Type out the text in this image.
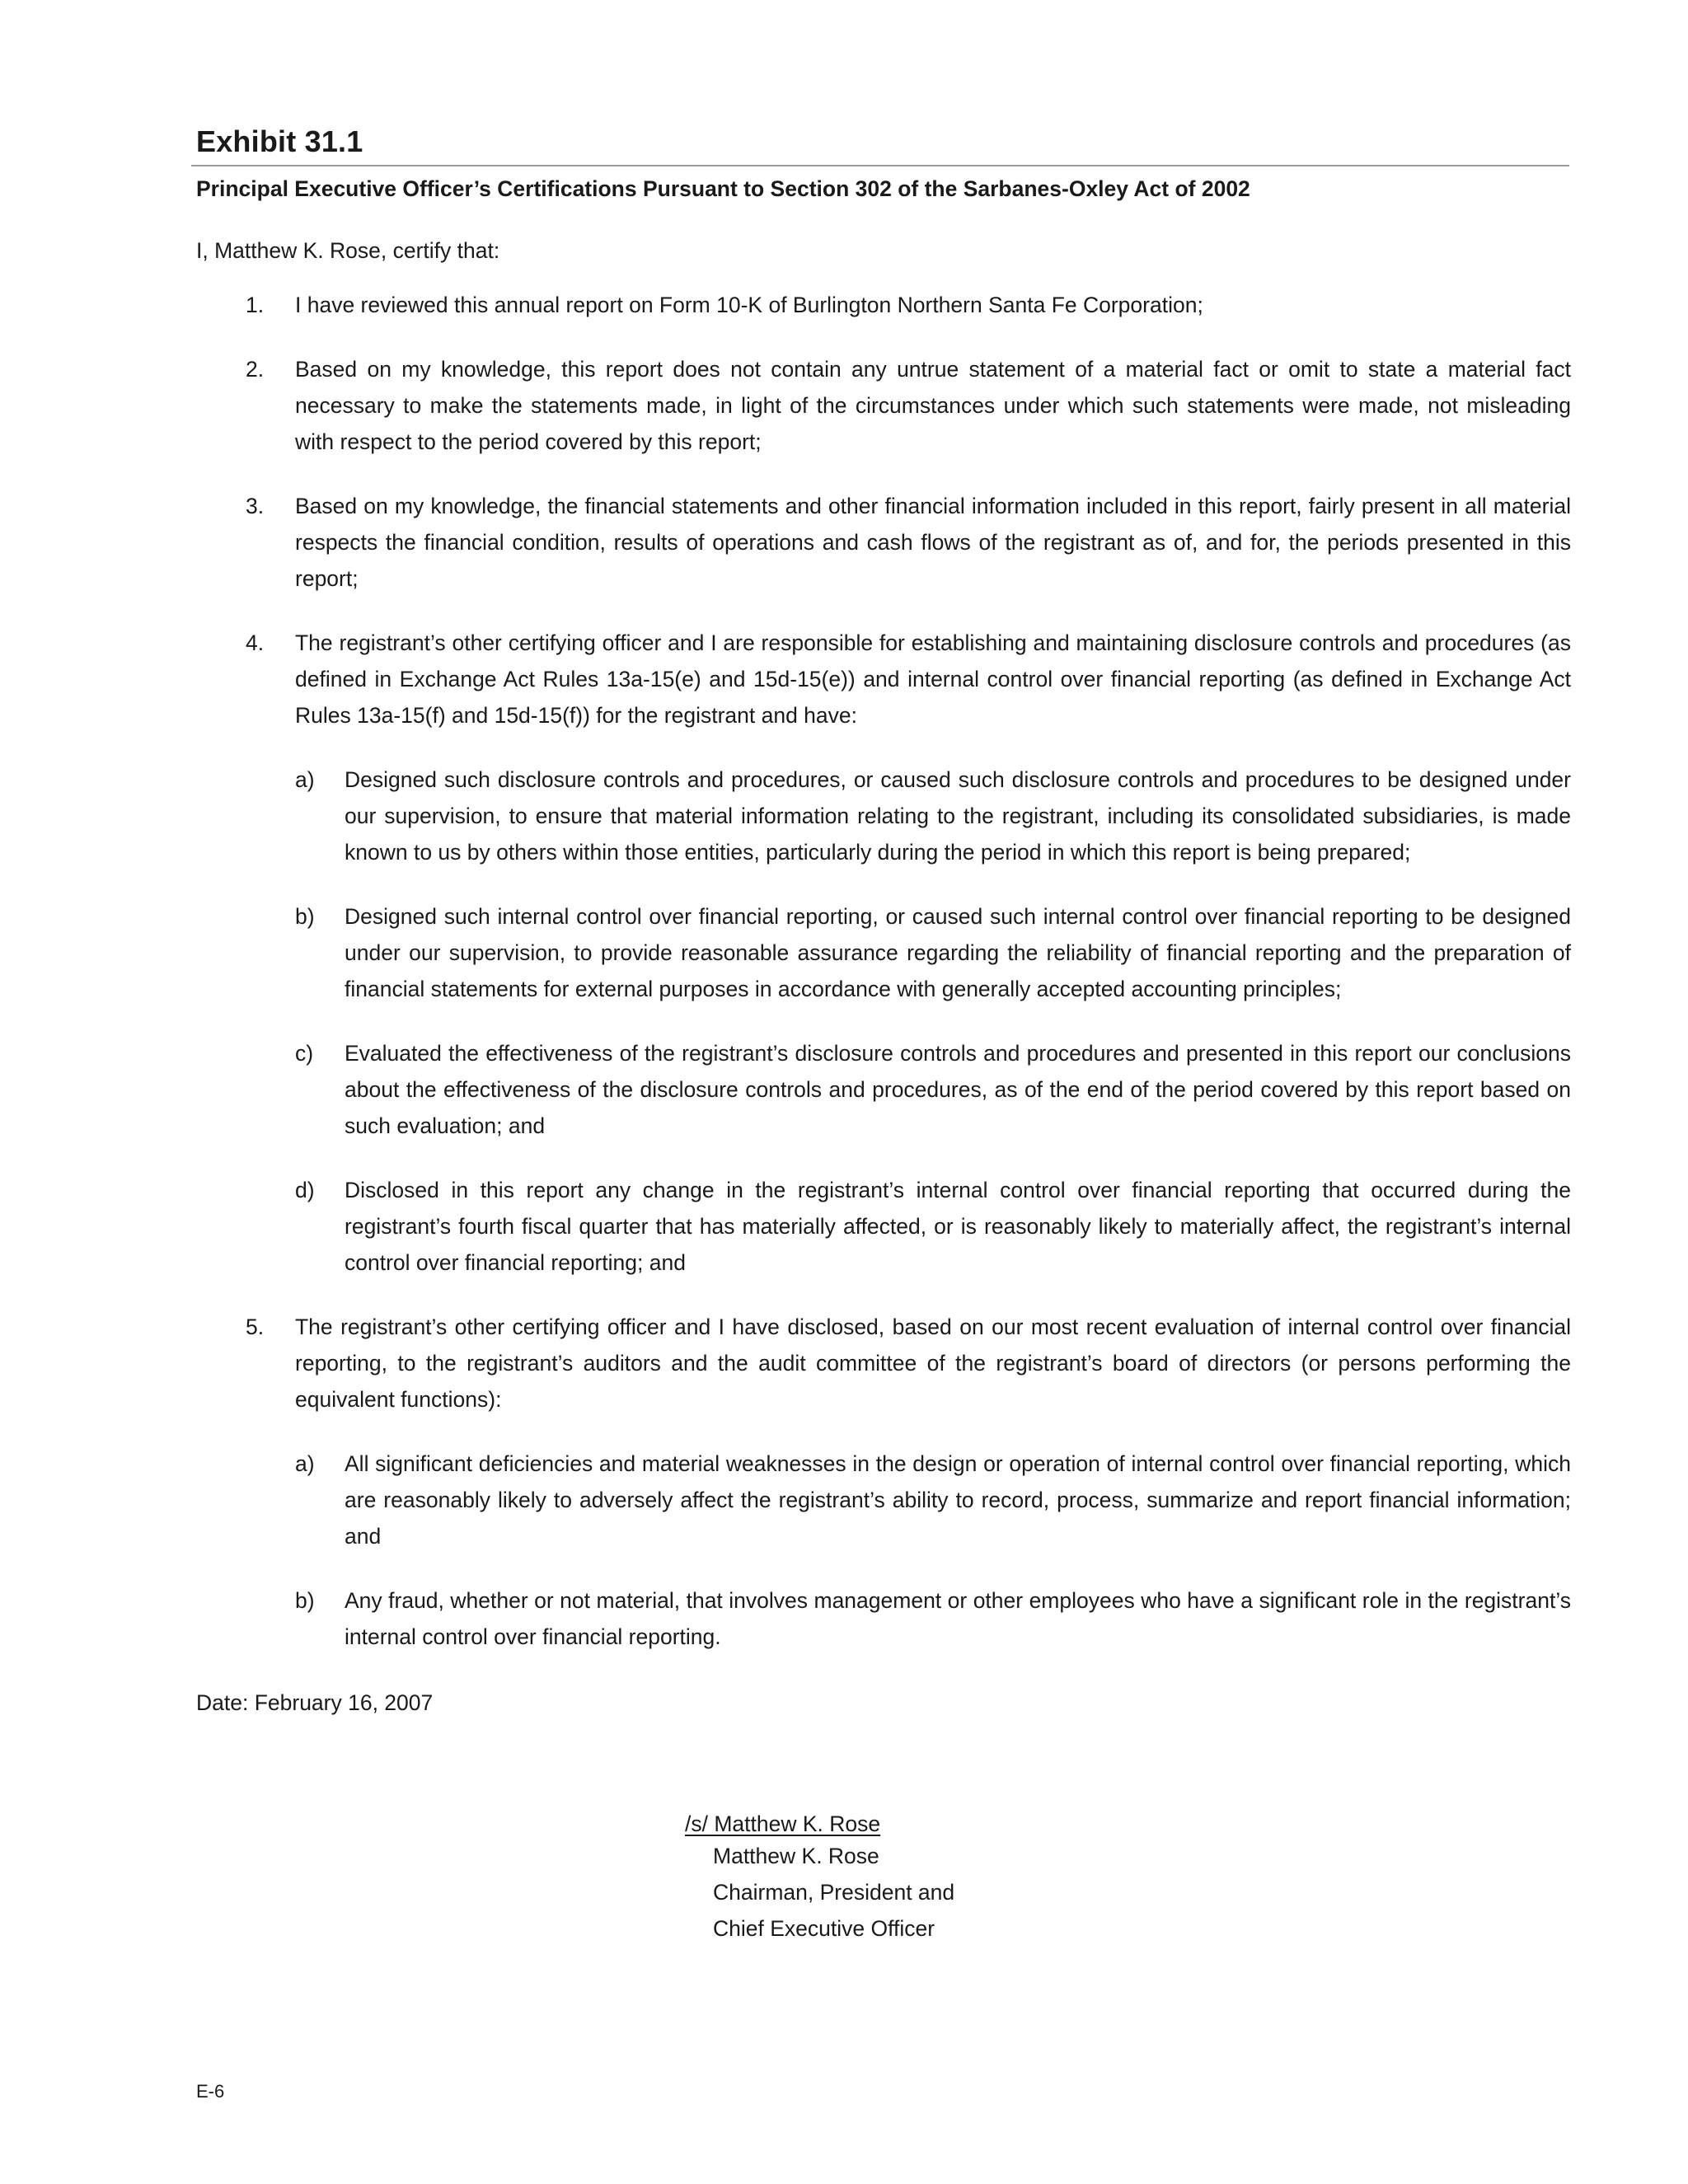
Exhibit 31.1
Principal Executive Officer’s Certifications Pursuant to Section 302 of the Sarbanes-Oxley Act of 2002

I, Matthew K. Rose, certify that:

1.	I have reviewed this annual report on Form 10-K of Burlington Northern Santa Fe Corporation;
2.	Based on my knowledge, this report does not contain any untrue statement of a material fact or omit to state a material fact necessary to make the statements made, in light of the circumstances under which such statements were made, not misleading with respect to the period covered by this report;
3.	Based on my knowledge, the financial statements and other financial information included in this report, fairly present in all material respects the financial condition, results of operations and cash flows of the registrant as of, and for, the periods presented in this report;
4.	The registrant’s other certifying officer and I are responsible for establishing and maintaining disclosure controls and procedures (as defined in Exchange Act Rules 13a-15(e) and 15d-15(e)) and internal control over financial reporting (as defined in Exchange Act Rules 13a-15(f) and 15d-15(f)) for the registrant and have:
a)	Designed such disclosure controls and procedures, or caused such disclosure controls and procedures to be designed under our supervision, to ensure that material information relating to the registrant, including its consolidated subsidiaries, is made known to us by others within those entities, particularly during the period in which this report is being prepared;
b)	Designed such internal control over financial reporting, or caused such internal control over financial reporting to be designed under our supervision, to provide reasonable assurance regarding the reliability of financial reporting and the preparation of financial statements for external purposes in accordance with generally accepted accounting principles;
c)	Evaluated the effectiveness of the registrant’s disclosure controls and procedures and presented in this report our conclusions about the effectiveness of the disclosure controls and procedures, as of the end of the period covered by this report based on such evaluation; and
d)	Disclosed in this report any change in the registrant’s internal control over financial reporting that occurred during the registrant’s fourth fiscal quarter that has materially affected, or is reasonably likely to materially affect, the registrant’s internal control over financial reporting; and
5.	The registrant’s other certifying officer and I have disclosed, based on our most recent evaluation of internal control over financial reporting, to the registrant’s auditors and the audit committee of the registrant’s board of directors (or persons performing the equivalent functions):
a)	All significant deficiencies and material weaknesses in the design or operation of internal control over financial reporting, which are reasonably likely to adversely affect the registrant’s ability to record, process, summarize and report financial information; and
b)	Any fraud, whether or not material, that involves management or other employees who have a significant role in the registrant’s internal control over financial reporting.

Date: February 16, 2007

/s/ Matthew K. Rose
Matthew K. Rose
Chairman, President and
Chief Executive Officer
E-6
